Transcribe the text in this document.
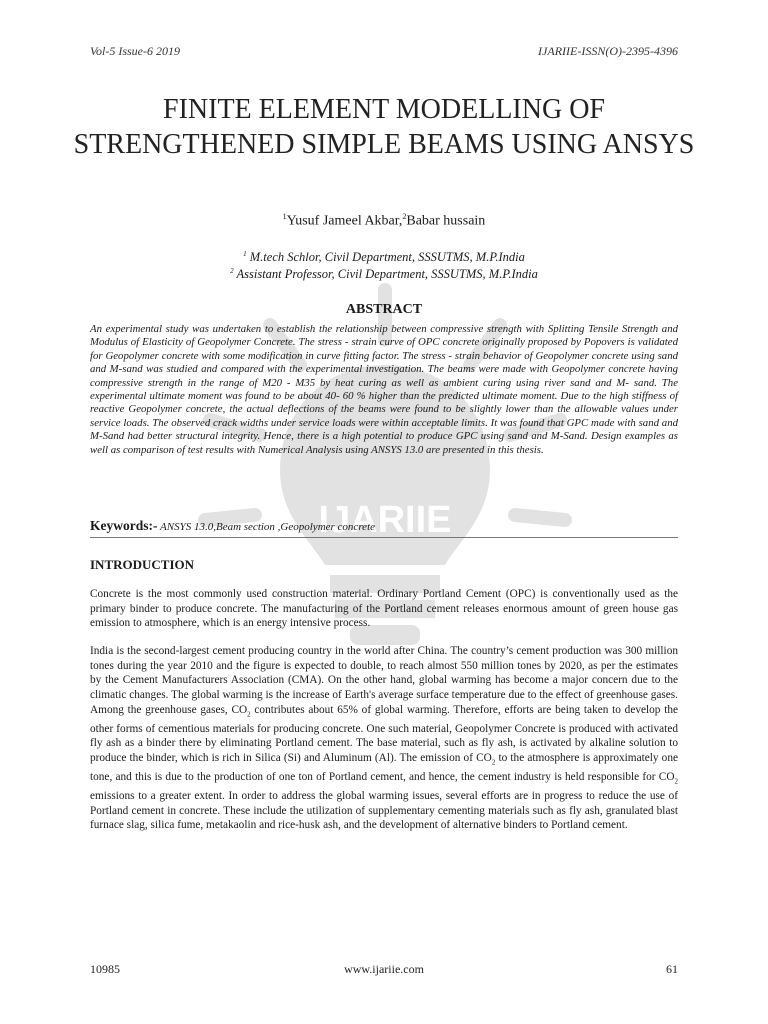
IJARIIE
Vol-5 Issue-6 2019	IJARIIE-ISSN(O)-2395-4396
FINITE ELEMENT MODELLING OF STRENGTHENED SIMPLE BEAMS USING ANSYS
$^1$Yusuf Jameel Akbar,$^2$Babar hussain
$^1$ M.tech Schlor, Civil Department, SSSUTMS, M.P.India
$^2$ Assistant Professor, Civil Department, SSSUTMS, M.P.India
ABSTRACT

An experimental study was undertaken to establish the relationship between compressive strength with Splitting Tensile Strength and Modulus of Elasticity of Geopolymer Concrete. The stress - strain curve of OPC concrete originally proposed by Popovers is validated for Geopolymer concrete with some modification in curve fitting factor. The stress - strain behavior of Geopolymer concrete using sand and M-sand was studied and compared with the experimental investigation. The beams were made with Geopolymer concrete having compressive strength in the range of M20 - M35 by heat curing as well as ambient curing using river sand and M- sand. The experimental ultimate moment was found to be about 40- 60 % higher than the predicted ultimate moment. Due to the high stiffness of reactive Geopolymer concrete, the actual deflections of the beams were found to be slightly lower than the allowable values under service loads. The observed crack widths under service loads were within acceptable limits. It was found that GPC made with sand and M-Sand had better structural integrity. Hence, there is a high potential to produce GPC using sand and M-Sand. Design examples as well as comparison of test results with Numerical Analysis using ANSYS 13.0 are presented in this thesis.

Keywords:- ANSYS 13.0,Beam section ,Geopolymer concrete
INTRODUCTION

Concrete is the most commonly used construction material. Ordinary Portland Cement (OPC) is conventionally used as the primary binder to produce concrete. The manufacturing of the Portland cement releases enormous amount of green house gas emission to atmosphere, which is an energy intensive process.

India is the second-largest cement producing country in the world after China. The country’s cement production was 300 million tones during the year 2010 and the figure is expected to double, to reach almost 550 million tones by 2020, as per the estimates by the Cement Manufacturers Association (CMA). On the other hand, global warming has become a major concern due to the climatic changes. The global warming is the increase of Earth's average surface temperature due to the effect of greenhouse gases. Among the greenhouse gases, $CO_2$ contributes about 65% of global warming. Therefore, efforts are being taken to develop the other forms of cementious materials for producing concrete. One such material, Geopolymer Concrete is produced with activated fly ash as a binder there by eliminating Portland cement. The base material, such as fly ash, is activated by alkaline solution to produce the binder, which is rich in Silica (Si) and Aluminum (Al). The emission of $CO_2$ to the atmosphere is approximately one tone, and this is due to the production of one ton of Portland cement, and hence, the cement industry is held responsible for $CO_2$ emissions to a greater extent. In order to address the global warming issues, several efforts are in progress to reduce the use of Portland cement in concrete. These include the utilization of supplementary cementing materials such as fly ash, granulated blast furnace slag, silica fume, metakaolin and rice-husk ash, and the development of alternative binders to Portland cement.

10985	www.ijariie.com	61
